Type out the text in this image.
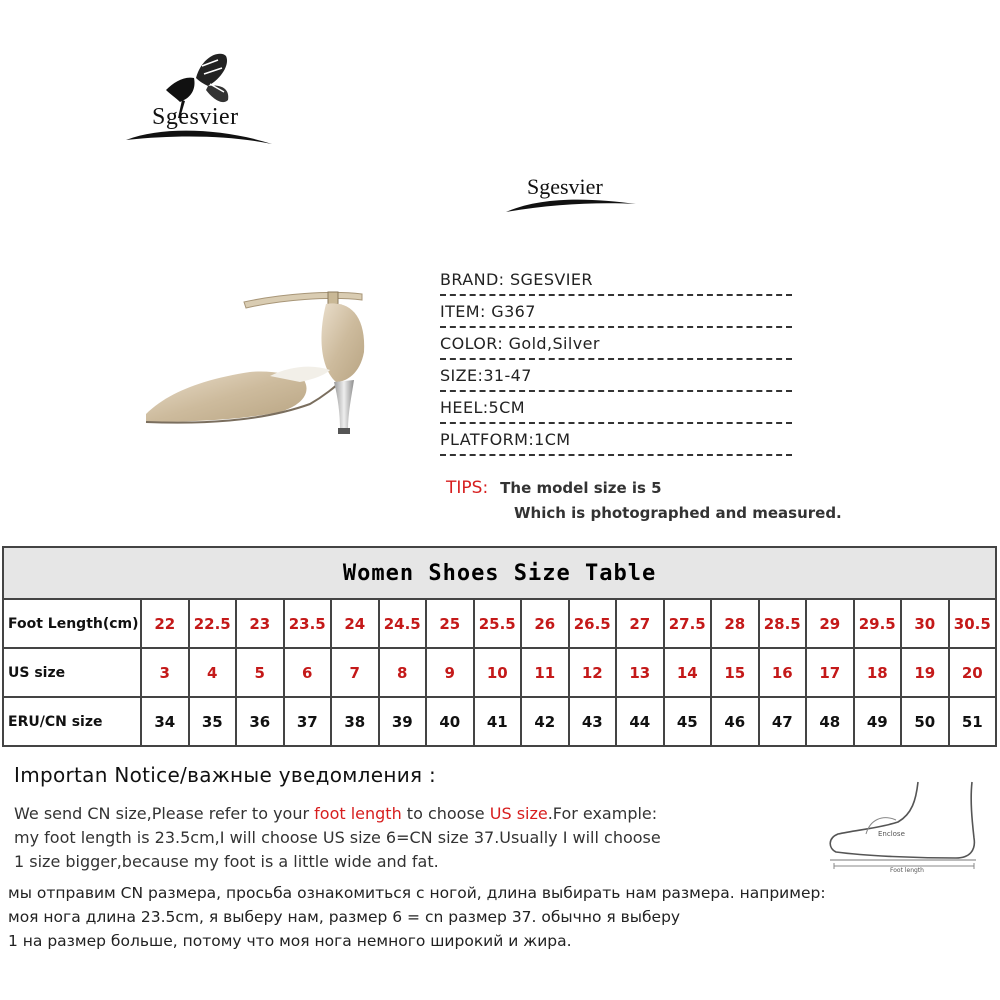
Sgesvier
Sgesvier
BRAND: SGESVIER
ITEM: G367
COLOR: Gold,Silver
SIZE:31-47
HEEL:5CM
PLATFORM:1CM
TIPS: The model size is 5
Which is photographed and measured.
Women Shoes Size Table																		
Foot Length(cm)	22	22.5	23	23.5	24	24.5	25	25.5	26	26.5	27	27.5	28	28.5	29	29.5	30	30.5
US size	3	4	5	6	7	8	9	10	11	12	13	14	15	16	17	18	19	20
ERU/CN size	34	35	36	37	38	39	40	41	42	43	44	45	46	47	48	49	50	51
Importan Notice/важные уведомления :
We send CN size,Please refer to your foot length to choose US size.For example:
my foot length is 23.5cm,I will choose US size 6=CN size 37.Usually I will choose
1 size bigger,because my foot is a little wide and fat.
мы отправим CN размера, просьба ознакомиться с ногой, длина выбирать нам размера. например:
моя нога длина 23.5cm, я выберу нам, размер 6 = cn размер 37. обычно я выберу
1 на размер больше, потому что моя нога немного широкий и жира.
Enclose
Foot length
